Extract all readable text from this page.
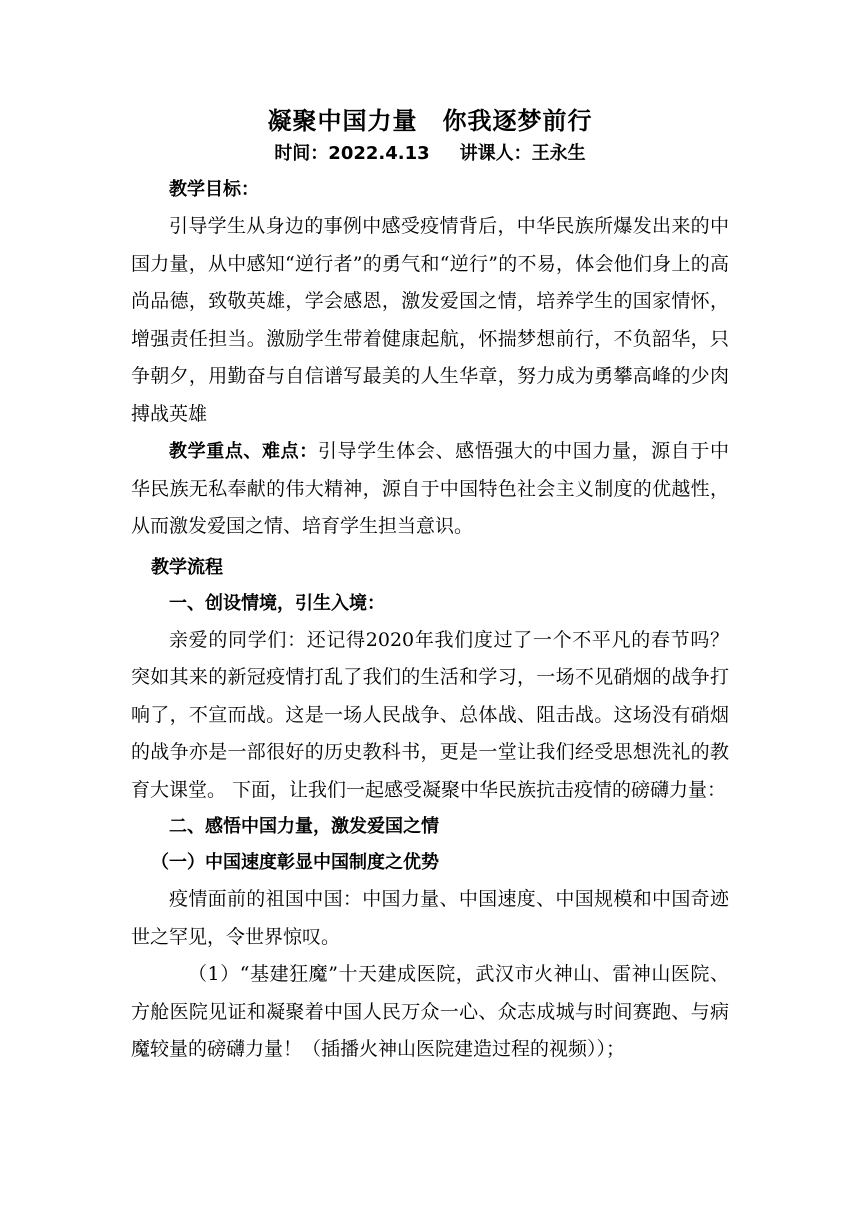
凝聚中国力量　你我逐梦前行
时间：2022.4.13 讲课人：王永生
教学目标：

引导学生从身边的事例中感受疫情背后，中华民族所爆发出来的中国力量，从中感知“逆行者”的勇气和“逆行”的不易，体会他们身上的高尚品德，致敬英雄，学会感恩，激发爱国之情，培养学生的国家情怀，增强责任担当。激励学生带着健康起航，怀揣梦想前行，不负韶华，只争朝夕，用勤奋与自信谱写最美的人生华章，努力成为勇攀高峰的少肉搏战英雄

教学重点、难点：引导学生体会、感悟强大的中国力量，源自于中华民族无私奉献的伟大精神，源自于中国特色社会主义制度的优越性，从而激发爱国之情、培育学生担当意识。

教学流程
一、创设情境，引生入境：

亲爱的同学们：还记得2020年我们度过了一个不平凡的春节吗？突如其来的新冠疫情打乱了我们的生活和学习，一场不见硝烟的战争打响了，不宣而战。这是一场人民战争、总体战、阻击战。这场没有硝烟的战争亦是一部很好的历史教科书，更是一堂让我们经受思想洗礼的教育大课堂。 下面，让我们一起感受凝聚中华民族抗击疫情的磅礴力量：

二、感悟中国力量，激发爱国之情
（一）中国速度彰显中国制度之优势

疫情面前的祖国中国：中国力量、中国速度、中国规模和中国奇迹世之罕见，令世界惊叹。

（1）“基建狂魔”十天建成医院，武汉市火神山、雷神山医院、方舱医院见证和凝聚着中国人民万众一心、众志成城与时间赛跑、与病魔较量的磅礴力量！（插播火神山医院建造过程的视频））；
